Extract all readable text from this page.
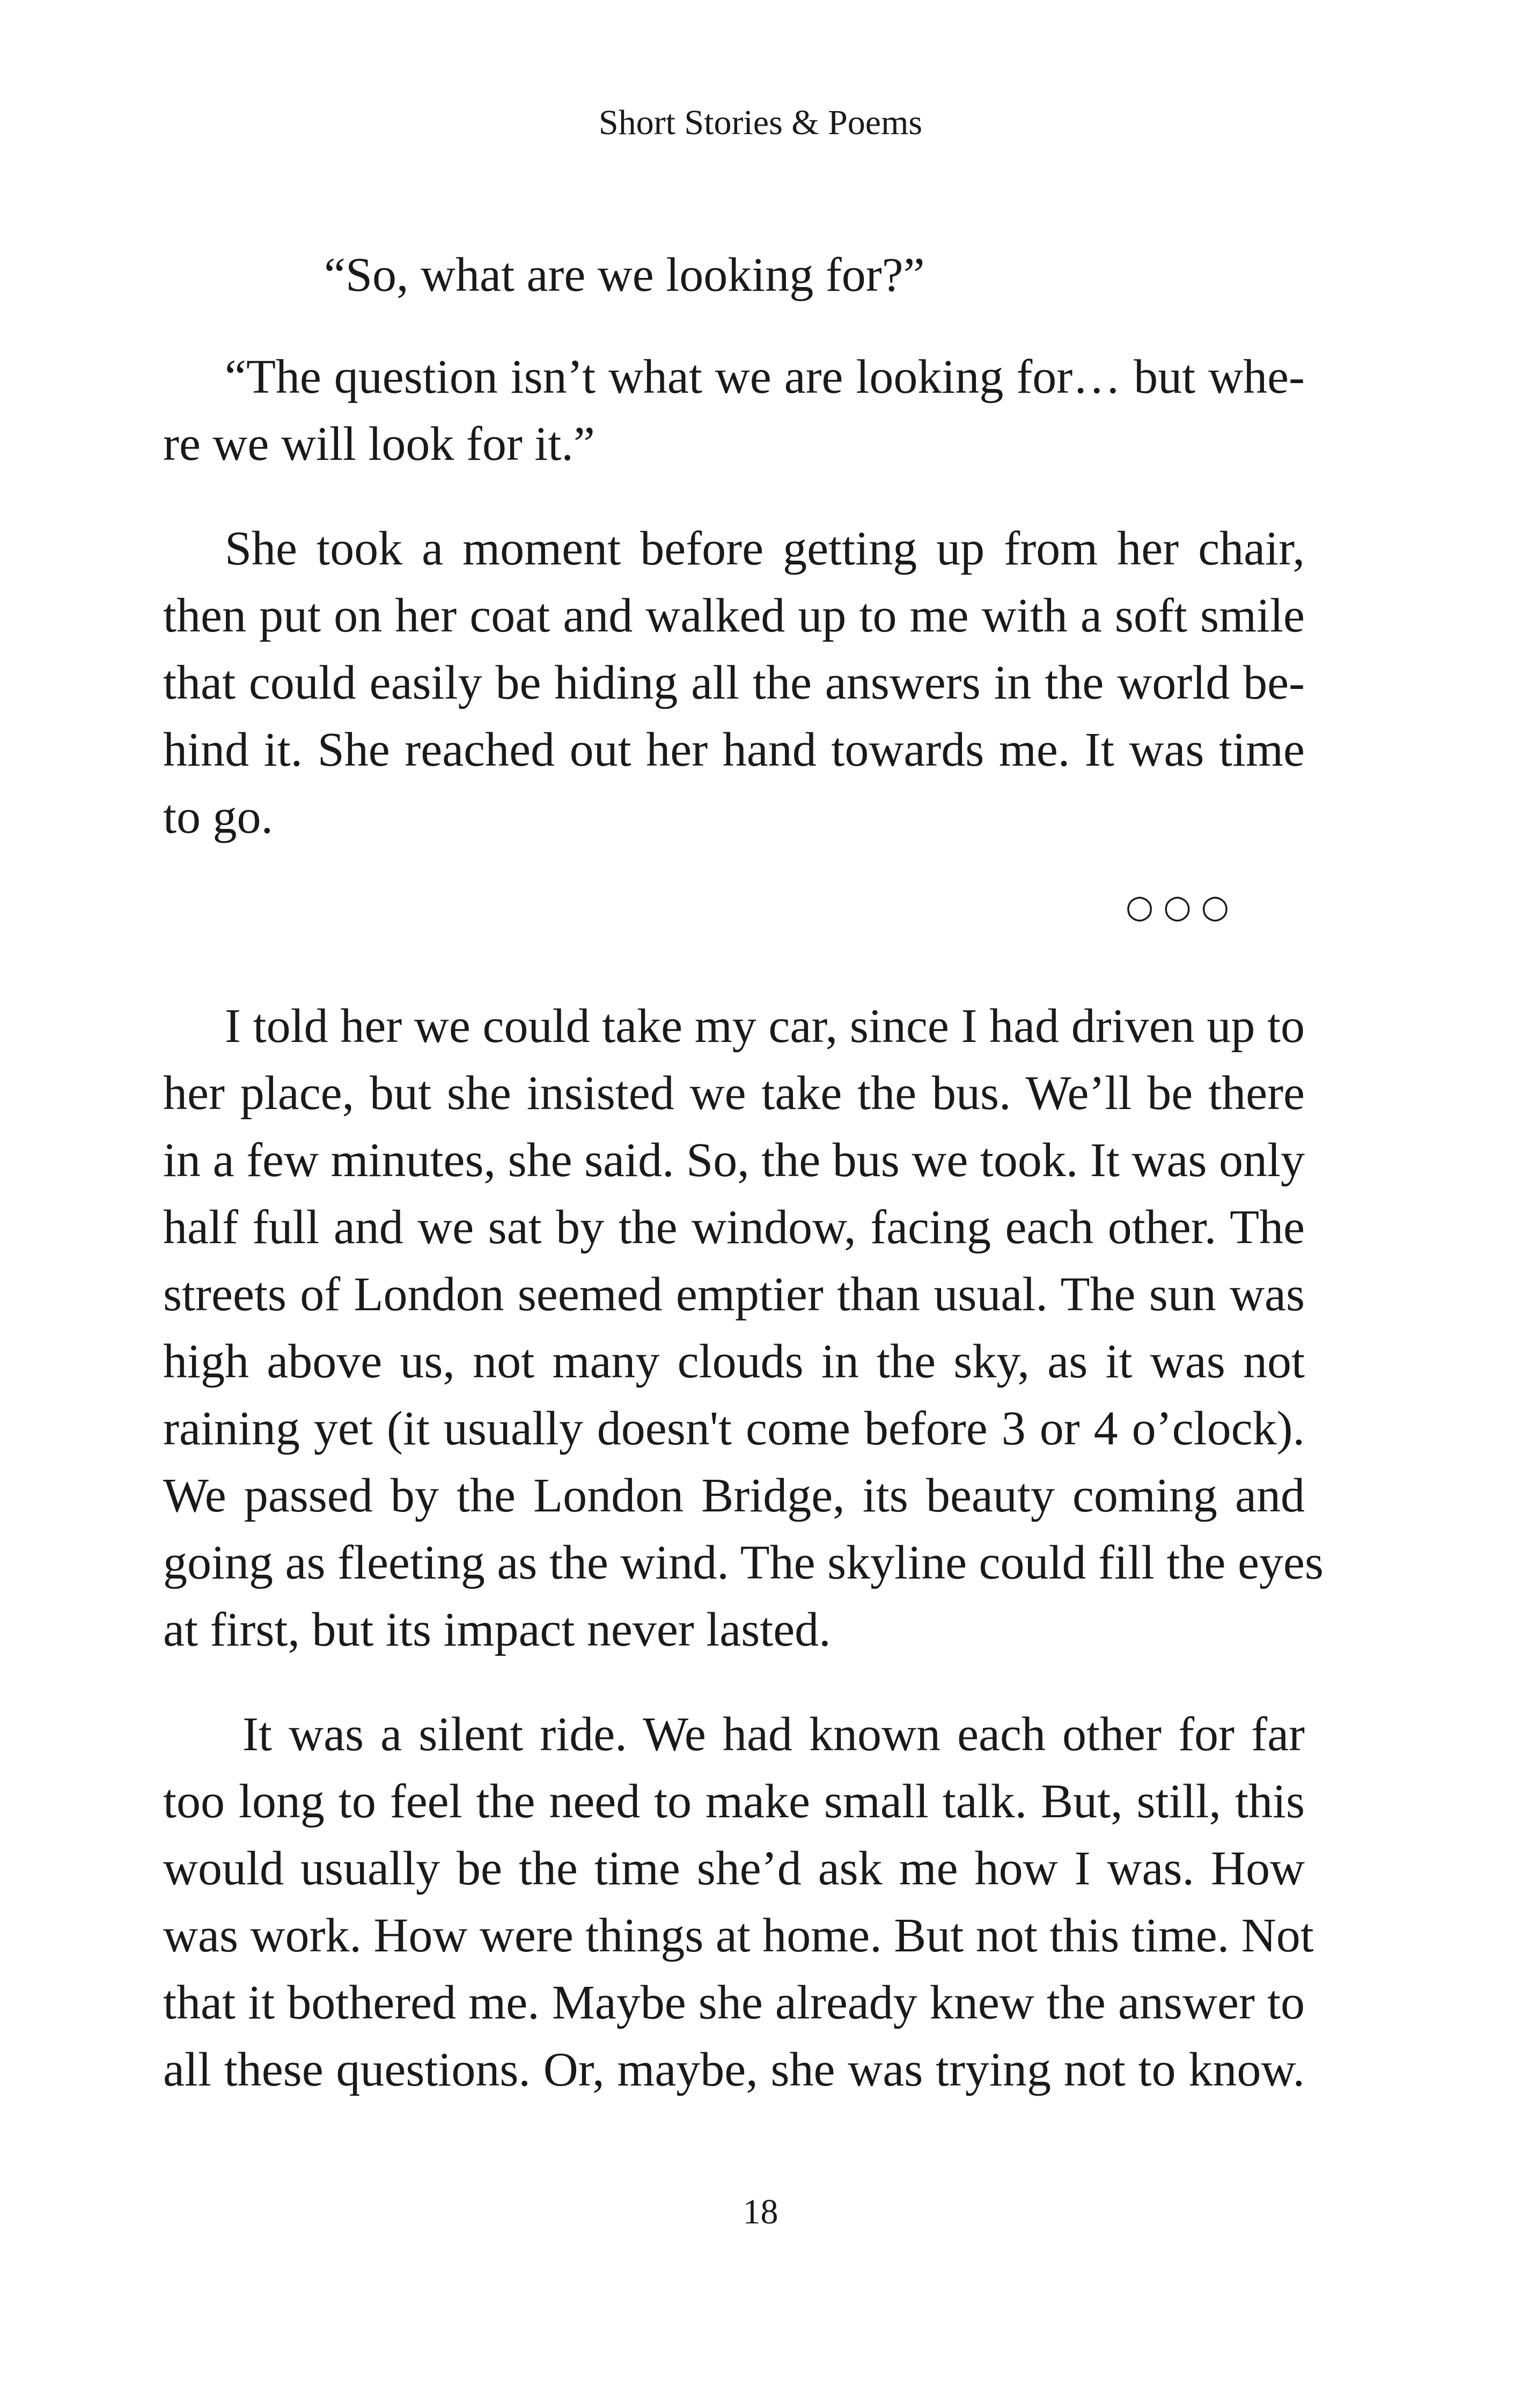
Short Stories & Poems
“So, what are we looking for?”
“The question isn’t what we are looking for… but whe-
re we will look for it.”
She took a moment before getting up from her chair,
then put on her coat and walked up to me with a soft smile
that could easily be hiding all the answers in the world be-
hind it. She reached out her hand towards me. It was time
to go.
○○○
I told her we could take my car, since I had driven up to
her place, but she insisted we take the bus. We’ll be there
in a few minutes, she said. So, the bus we took. It was only
half full and we sat by the window, facing each other. The
streets of London seemed emptier than usual. The sun was
high above us, not many clouds in the sky, as it was not
raining yet (it usually doesn't come before 3 or 4 o’clock).
We passed by the London Bridge, its beauty coming and
going as fleeting as the wind. The skyline could fill the eyes
at first, but its impact never lasted.
It was a silent ride. We had known each other for far
too long to feel the need to make small talk. But, still, this
would usually be the time she’d ask me how I was. How
was work. How were things at home. But not this time. Not
that it bothered me. Maybe she already knew the answer to
all these questions. Or, maybe, she was trying not to know.
18
